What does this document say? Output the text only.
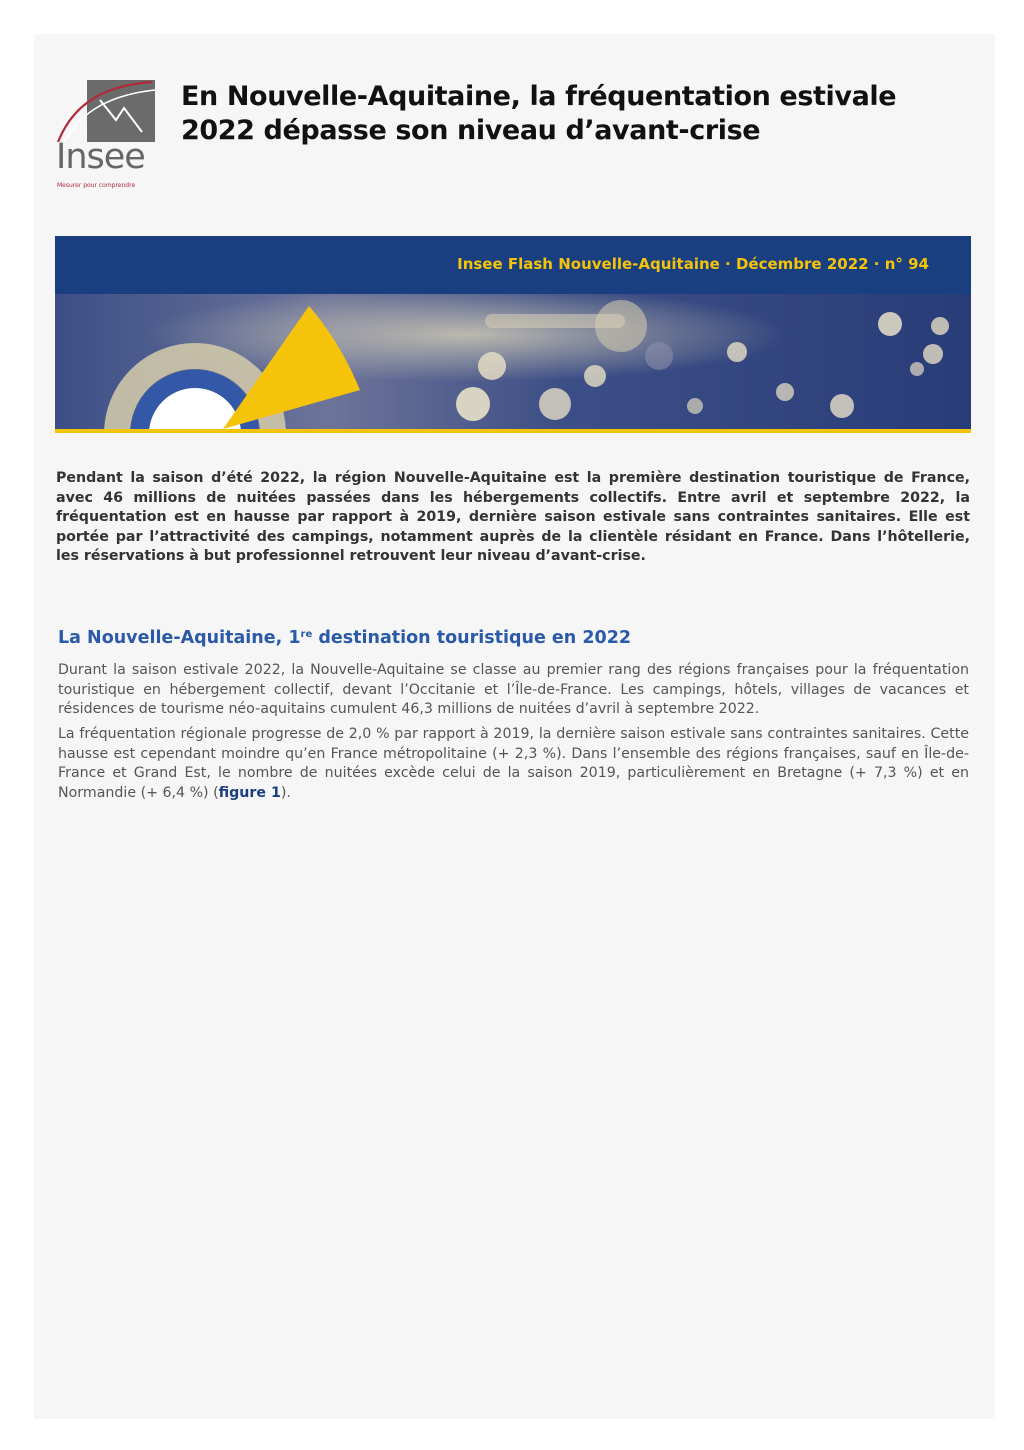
Insee
Mesurer pour comprendre
En Nouvelle-Aquitaine, la fréquentation estivale 2022 dépasse son niveau d’avant-crise
Insee Flash Nouvelle-Aquitaine · Décembre 2022 · n° 94

Pendant la saison d’été 2022, la région Nouvelle-Aquitaine est la première destination touristique de France, avec 46 millions de nuitées passées dans les hébergements collectifs. Entre avril et septembre 2022, la fréquentation est en hausse par rapport à 2019, dernière saison estivale sans contraintes sanitaires. Elle est portée par l’attractivité des campings, notamment auprès de la clientèle résidant en France. Dans l’hôtellerie, les réservations à but professionnel retrouvent leur niveau d’avant-crise.

La Nouvelle-Aquitaine, 1re destination touristique en 2022

Durant la saison estivale 2022, la Nouvelle-Aquitaine se classe au premier rang des régions françaises pour la fréquentation touristique en hébergement collectif, devant l’Occitanie et l’Île-de-France. Les campings, hôtels, villages de vacances et résidences de tourisme néo-aquitains cumulent 46,3 millions de nuitées d’avril à septembre 2022.

La fréquentation régionale progresse de 2,0 % par rapport à 2019, la dernière saison estivale sans contraintes sanitaires. Cette hausse est cependant moindre qu’en France métropolitaine (+ 2,3 %). Dans l’ensemble des régions françaises, sauf en Île-de-France et Grand Est, le nombre de nuitées excède celui de la saison 2019, particulièrement en Bretagne (+ 7,3 %) et en Normandie (+ 6,4 %) (figure 1).
